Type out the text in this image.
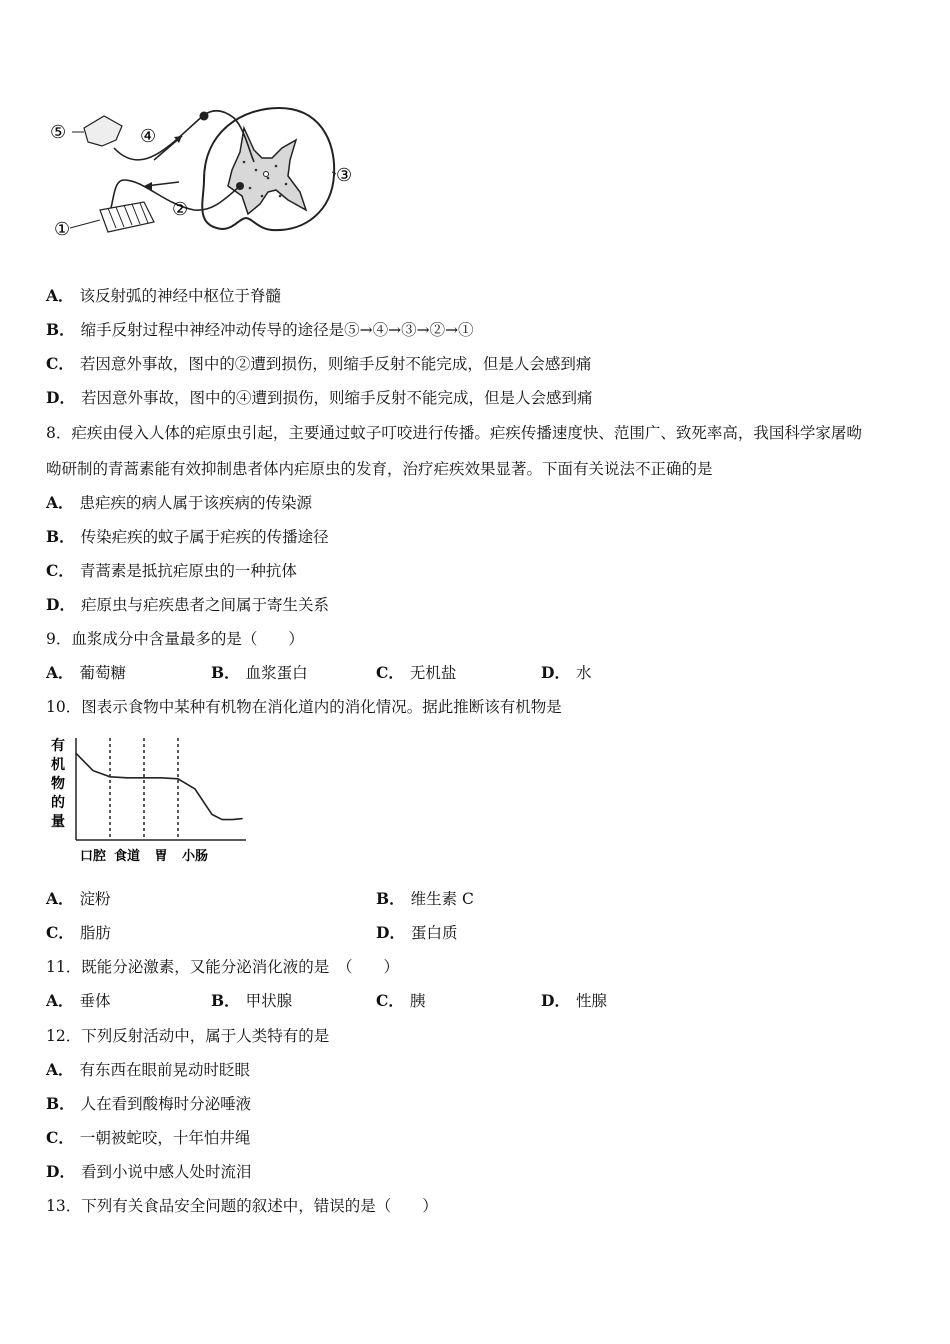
①
②
③
④
⑤
A． 该反射弧的神经中枢位于脊髓
B． 缩手反射过程中神经冲动传导的途径是⑤→④→③→②→①
C． 若因意外事故，图中的②遭到损伤，则缩手反射不能完成，但是人会感到痛
D． 若因意外事故，图中的④遭到损伤，则缩手反射不能完成，但是人会感到痛
8．疟疾由侵入人体的疟原虫引起，主要通过蚊子叮咬进行传播。疟疾传播速度快、范围广、致死率高，我国科学家屠呦
呦研制的青蒿素能有效抑制患者体内疟原虫的发育，治疗疟疾效果显著。下面有关说法不正确的是
A． 患疟疾的病人属于该疾病的传染源
B． 传染疟疾的蚊子属于疟疾的传播途径
C． 青蒿素是抵抗疟原虫的一种抗体
D． 疟原虫与疟疾患者之间属于寄生关系
9．血浆成分中含量最多的是（　　）
A． 葡萄糖	B． 血浆蛋白	C． 无机盐	D． 水
10．图表示食物中某种有机物在消化道内的消化情况。据此推断该有机物是
有
机
物
的
量
口腔 食道 胃 小肠
A． 淀粉	B． 维生素 C
C． 脂肪	D． 蛋白质
11．既能分泌激素，又能分泌消化液的是　（　　）
A． 垂体	B． 甲状腺	C． 胰	D． 性腺
12．下列反射活动中，属于人类特有的是
A． 有东西在眼前晃动时眨眼
B． 人在看到酸梅时分泌唾液
C． 一朝被蛇咬，十年怕井绳
D． 看到小说中感人处时流泪
13．下列有关食品安全问题的叙述中，错误的是（　　）
